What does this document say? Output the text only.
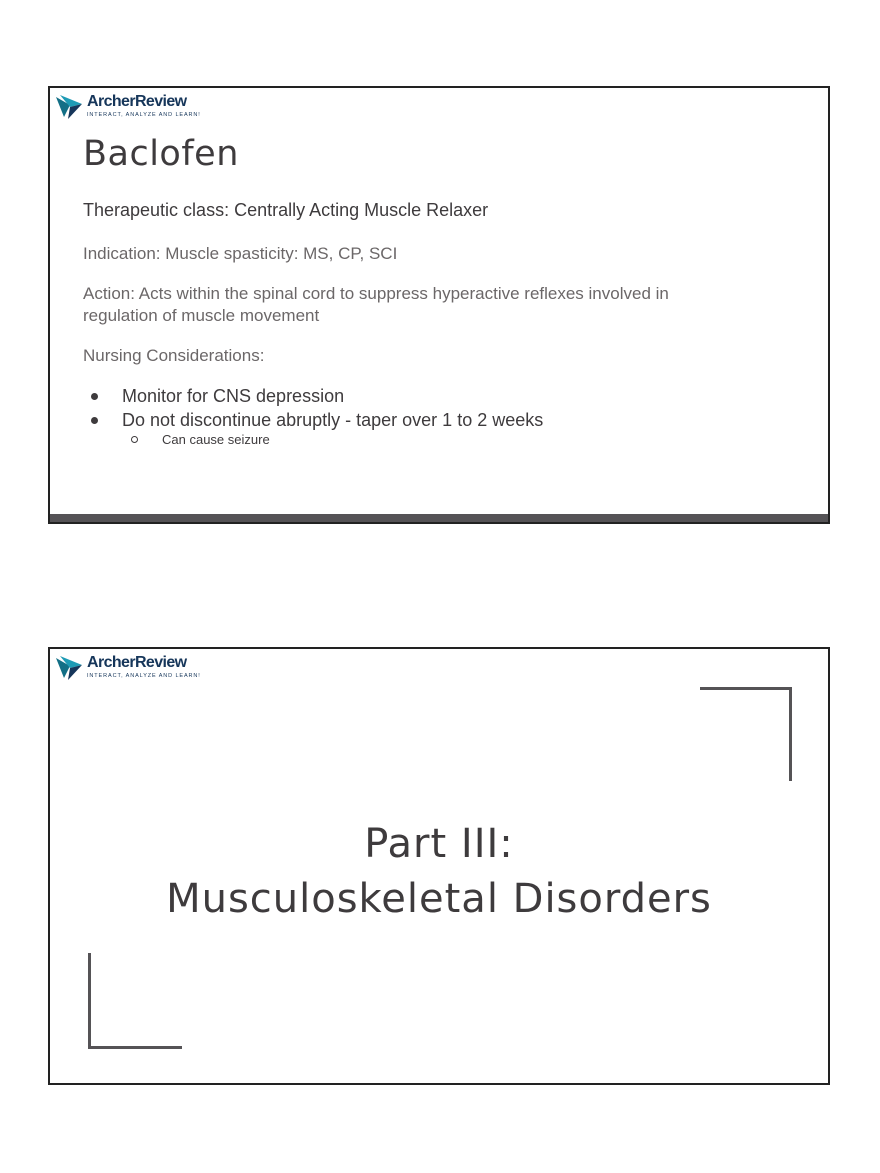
ArcherReview
INTERACT, ANALYZE AND LEARN!
Baclofen

Therapeutic class: Centrally Acting Muscle Relaxer

Indication: Muscle spasticity: MS, CP, SCI

Action: Acts within the spinal cord to suppress hyperactive reflexes involved in
regulation of muscle movement

Nursing Considerations:

Monitor for CNS depression
Do not discontinue abruptly - taper over 1 to 2 weeks
Can cause seizure
ArcherReview
INTERACT, ANALYZE AND LEARN!
Part III:
Musculoskeletal Disorders
